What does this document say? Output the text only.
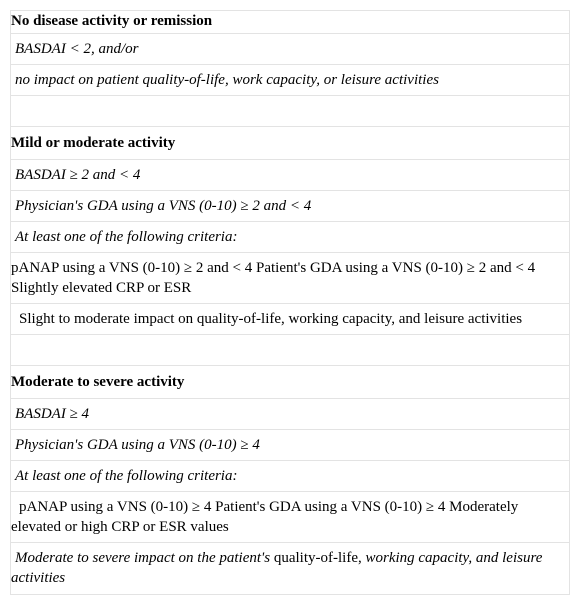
No disease activity or remission
BASDAI < 2, and/or
no impact on patient quality-of-life, work capacity, or leisure activities
Mild or moderate activity
BASDAI ≥ 2 and < 4
Physician's GDA using a VNS (0-10) ≥ 2 and < 4
At least one of the following criteria:
pANAP using a VNS (0-10) ≥ 2 and < 4 Patient's GDA using a VNS (0-10) ≥ 2 and < 4 Slightly elevated CRP or ESR
Slight to moderate impact on quality-of-life, working capacity, and leisure activities
Moderate to severe activity
BASDAI ≥ 4
Physician's GDA using a VNS (0-10) ≥ 4
At least one of the following criteria:
pANAP using a VNS (0-10) ≥ 4 Patient's GDA using a VNS (0-10) ≥ 4 Moderately elevated or high CRP or ESR values
Moderate to severe impact on the patient's quality-of-life, working capacity, and leisure activities
